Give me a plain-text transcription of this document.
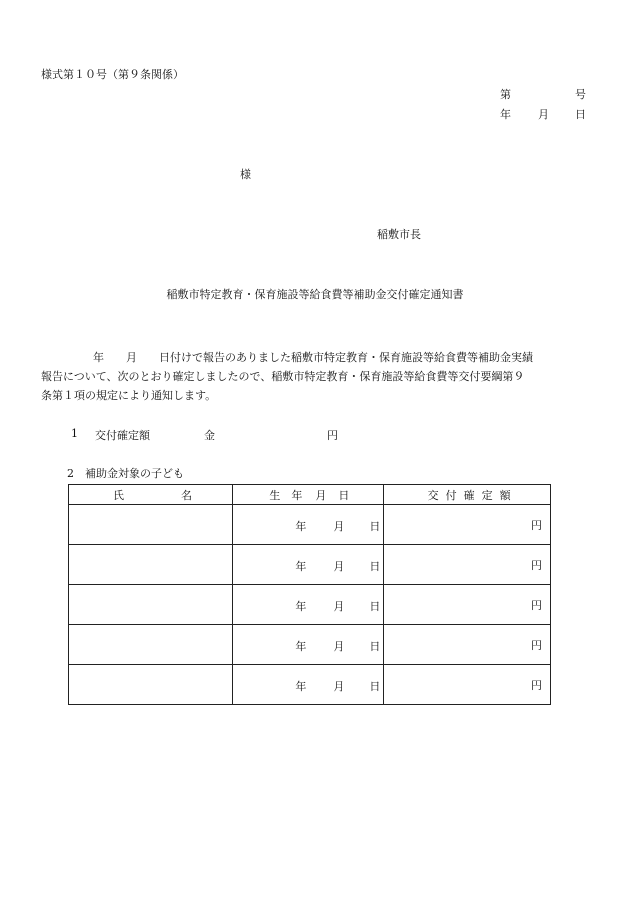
様式第１０号（第９条関係）
第	号
年 月 日
様
稲敷市長
稲敷市特定教育・保育施設等給食費等補助金交付確定通知書
年　　月　　日付けで報告のありました稲敷市特定教育・保育施設等給食費等補助金実績
報告について、次のとおり確定しましたので、稲敷市特定教育・保育施設等給食費等交付要綱第９
条第１項の規定により通知します。
1 交付確定額	金	円
2　補助金対象の子ども
氏 名	生 年 月 日	交 付 確 定 額

	年 月 日	円

	年 月 日	円

	年 月 日	円

	年 月 日	円

	年 月 日	円
